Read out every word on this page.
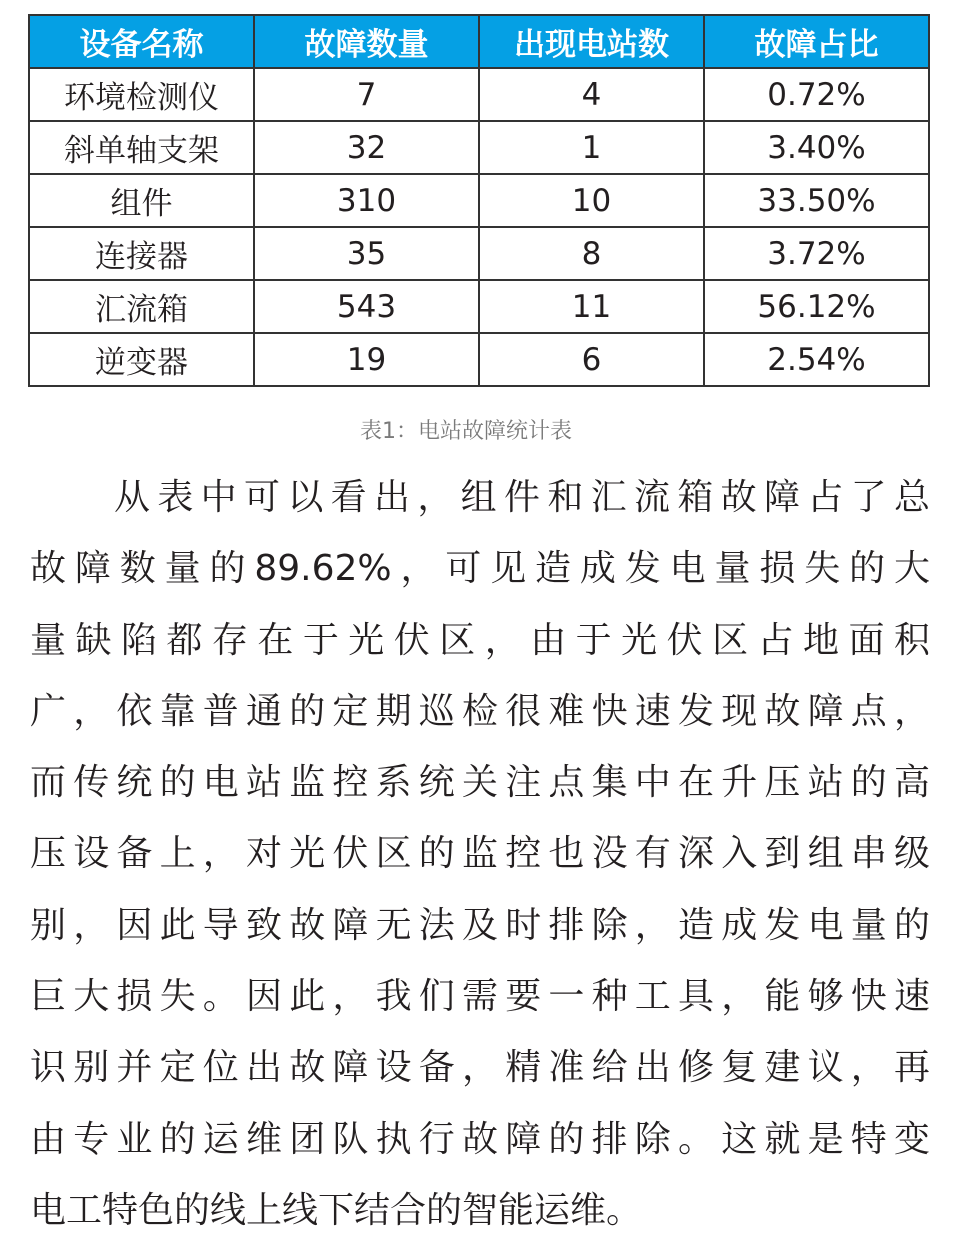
设备名称	故障数量	出现电站数	故障占比
环境检测仪	7	4	0.72%
斜单轴支架	32	1	3.40%
组件	310	10	33.50%
连接器	35	8	3.72%
汇流箱	543	11	56.12%
逆变器	19	6	2.54%
表1：电站故障统计表
从表中可以看出，组件和汇流箱故障占了总
故障数量的89.62%，可见造成发电量损失的大
量缺陷都存在于光伏区，由于光伏区占地面积
广，依靠普通的定期巡检很难快速发现故障点，
而传统的电站监控系统关注点集中在升压站的高
压设备上，对光伏区的监控也没有深入到组串级
别，因此导致故障无法及时排除，造成发电量的
巨大损失。因此，我们需要一种工具，能够快速
识别并定位出故障设备，精准给出修复建议，再
由专业的运维团队执行故障的排除。这就是特变
电工特色的线上线下结合的智能运维。
